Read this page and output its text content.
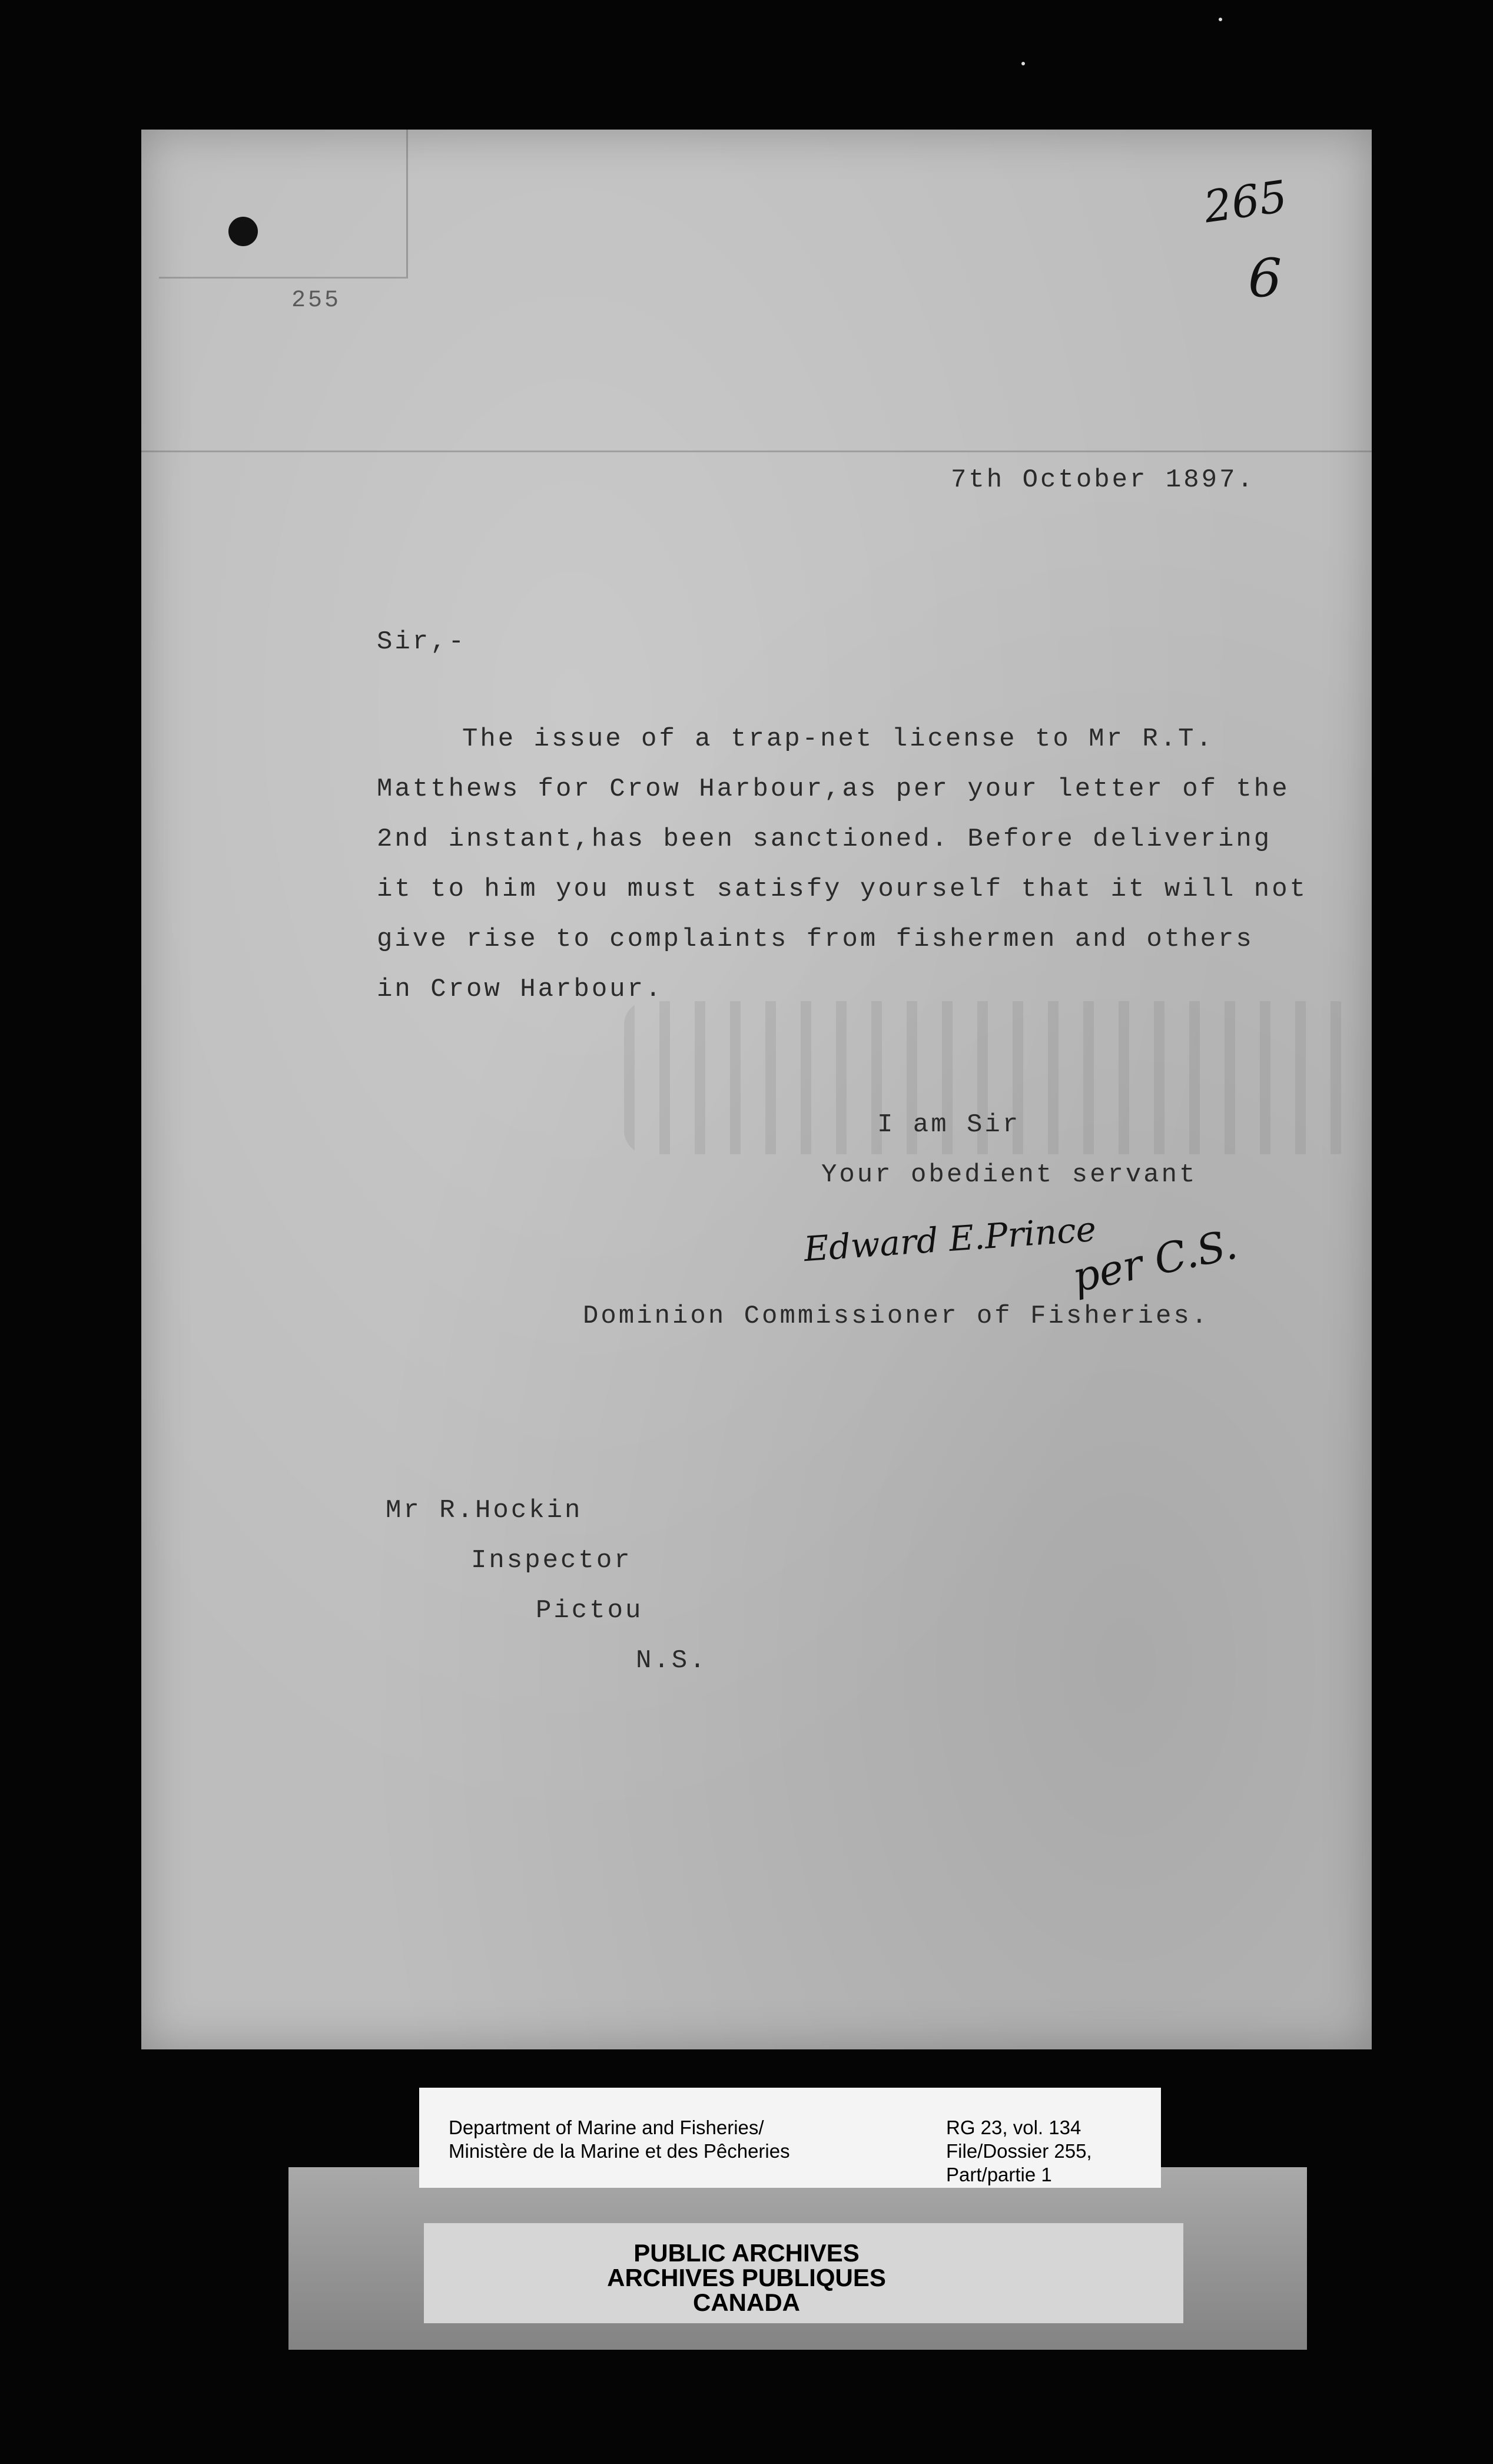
255
265
6
7th October 1897.
Sir,-
The issue of a trap-net license to Mr R.T.
Matthews for Crow Harbour,as per your letter of the
2nd instant,has been sanctioned. Before delivering
it to him you must satisfy yourself that it will not
give rise to complaints from fishermen and others
in Crow Harbour.
I am Sir
Your obedient servant
Edward E.Prince
per C.S.
Dominion Commissioner of Fisheries.
Mr R.Hockin
Inspector
Pictou
N.S.
Department of Marine and Fisheries/
Ministère de la Marine et des Pêcheries
RG 23, vol. 134
File/Dossier 255,
Part/partie 1
PUBLIC ARCHIVES
ARCHIVES PUBLIQUES
CANADA
